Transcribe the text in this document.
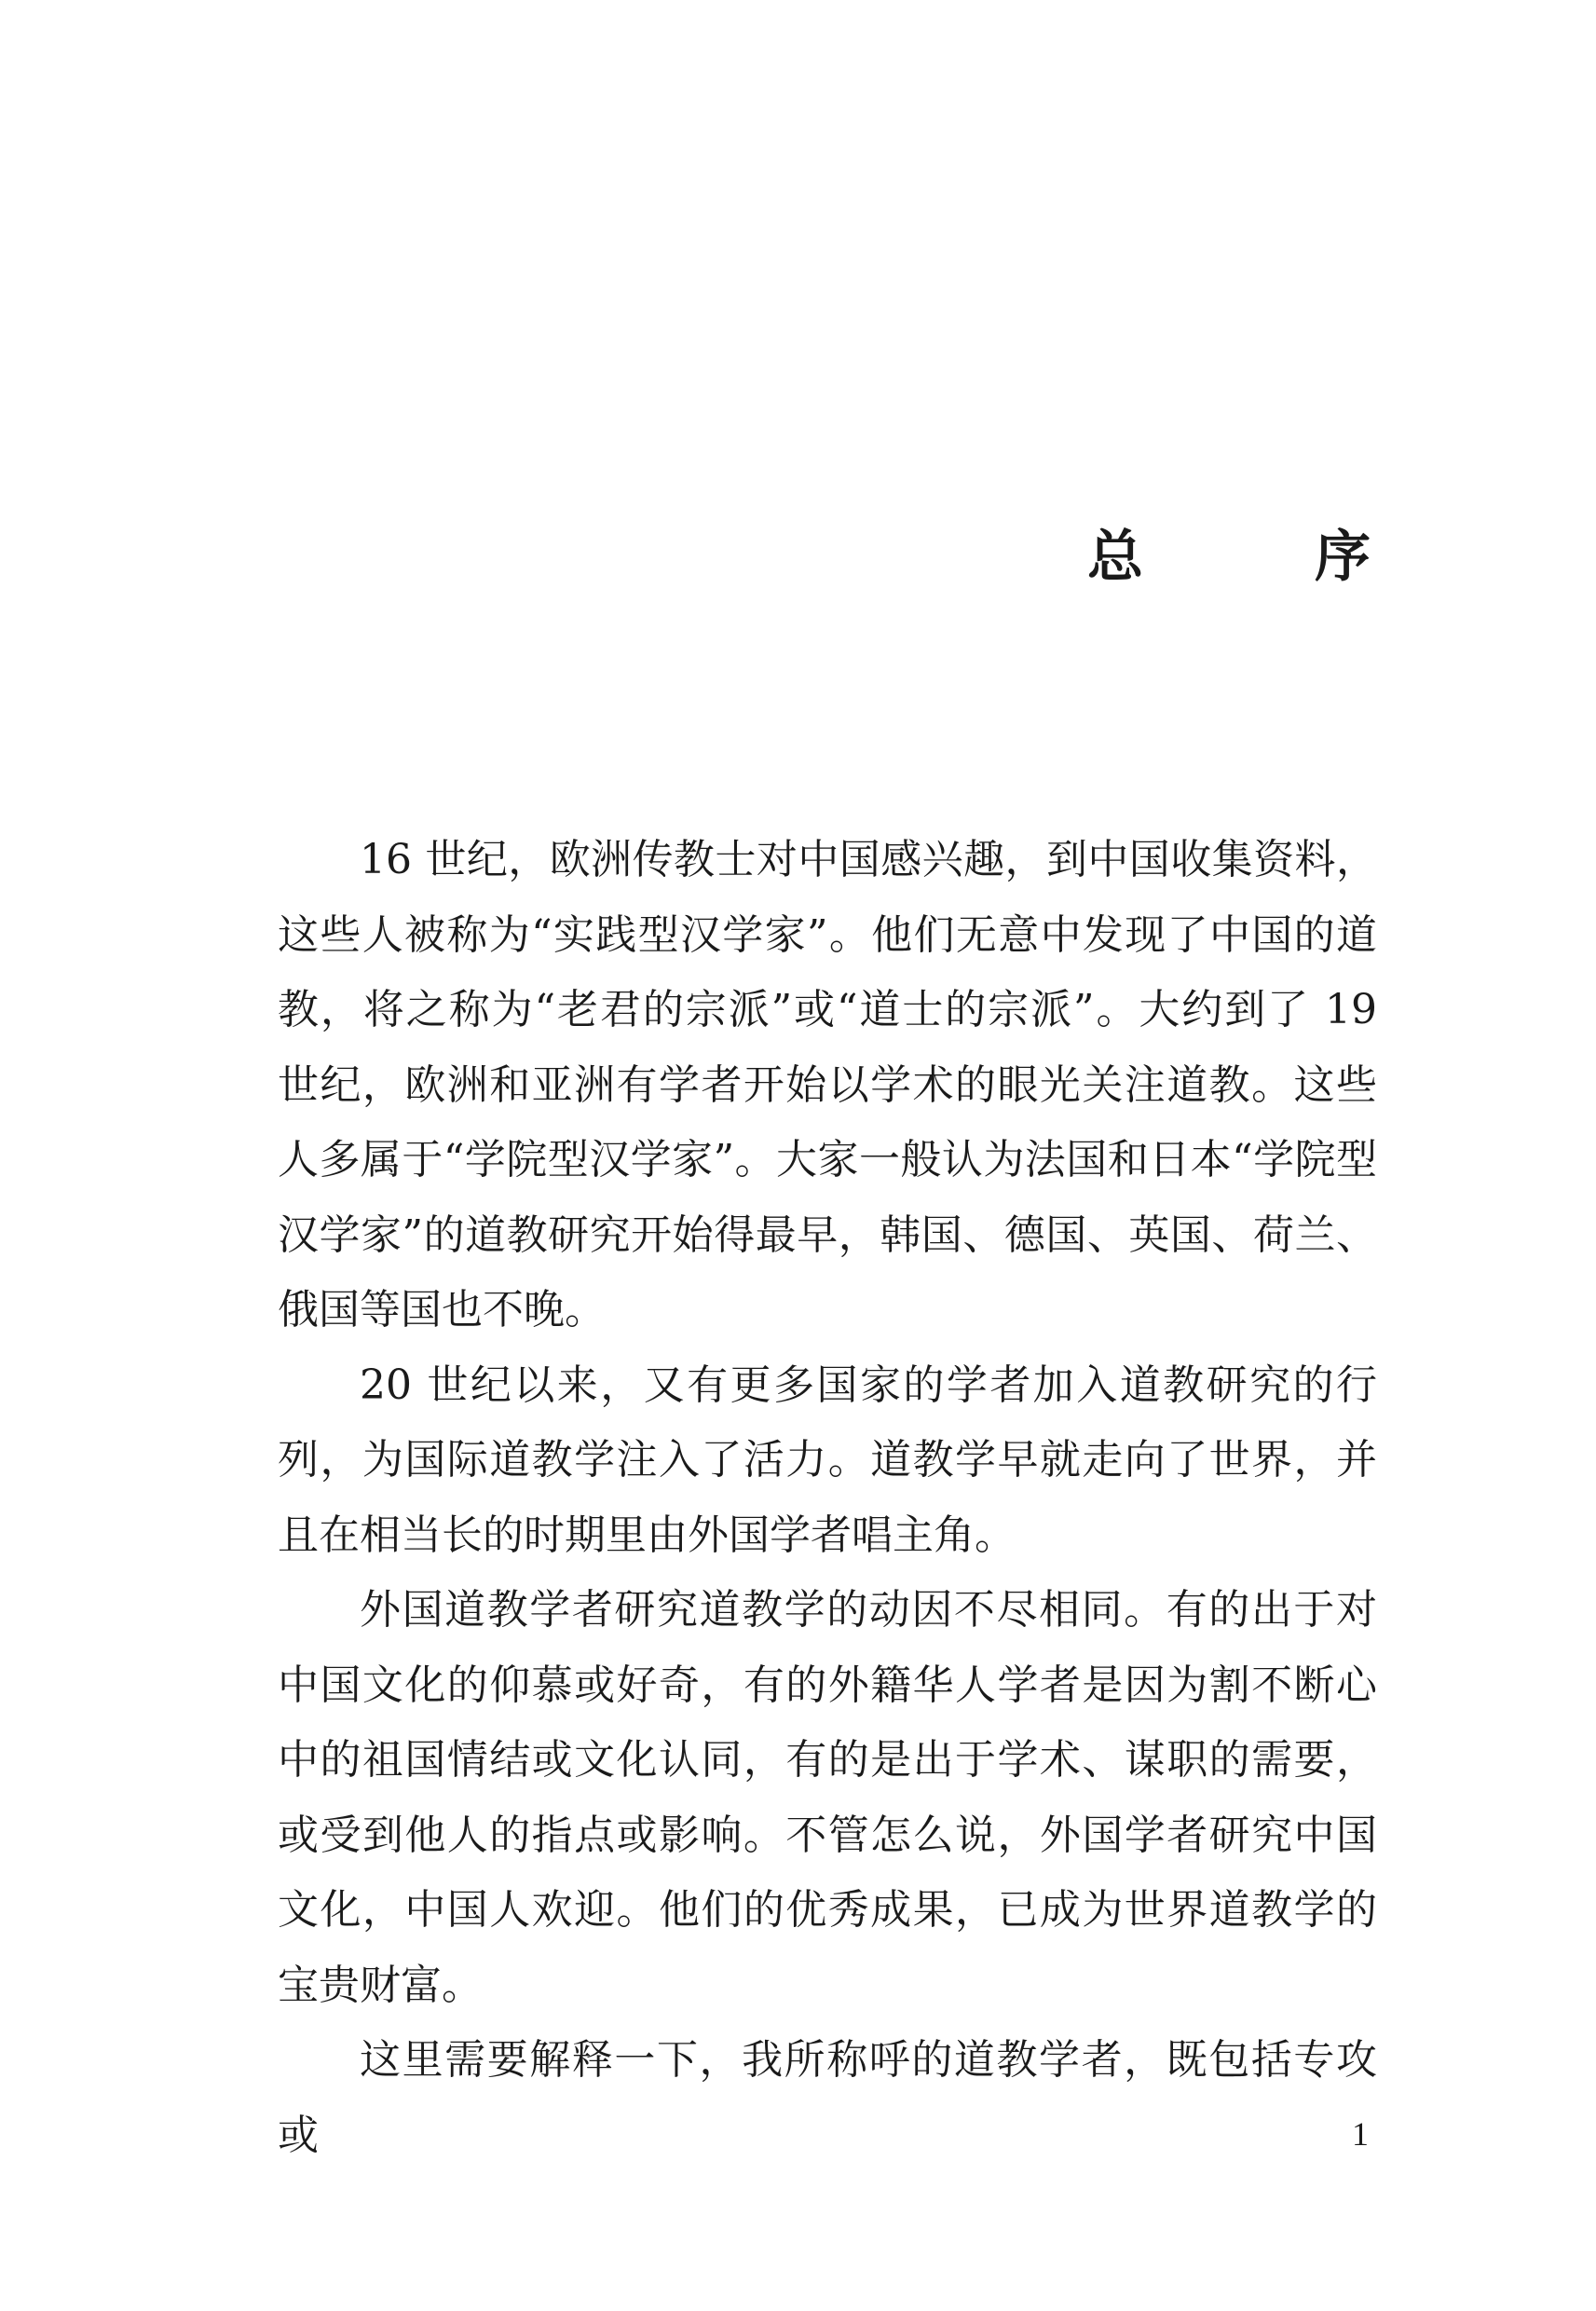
总　序

16 世纪，欧洲传教士对中国感兴趣，到中国收集资料，这些人被称为“实践型汉学家”。他们无意中发现了中国的道教，将之称为“老君的宗派”或“道士的宗派”。大约到了 19 世纪，欧洲和亚洲有学者开始以学术的眼光关注道教。这些人多属于“学院型汉学家”。大家一般认为法国和日本“学院型汉学家”的道教研究开始得最早，韩国、德国、英国、荷兰、俄国等国也不晚。

20 世纪以来，又有更多国家的学者加入道教研究的行列，为国际道教学注入了活力。道教学早就走向了世界，并且在相当长的时期里由外国学者唱主角。

外国道教学者研究道教学的动因不尽相同。有的出于对中国文化的仰慕或好奇，有的外籍华人学者是因为割不断心中的祖国情结或文化认同，有的是出于学术、谋职的需要，或受到他人的指点或影响。不管怎么说，外国学者研究中国文化，中国人欢迎。他们的优秀成果，已成为世界道教学的宝贵财富。

这里需要解释一下，我所称呼的道教学者，既包括专攻或	1
